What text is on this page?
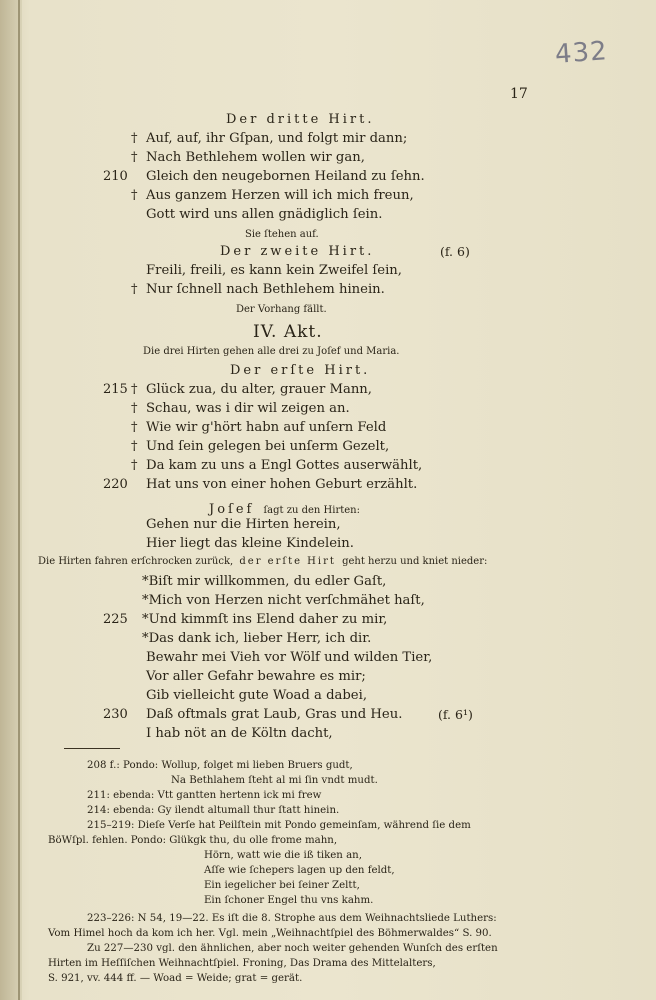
432
17
Der dritte Hirt.
† Auf, auf, ihr Gſpan, und folgt mir dann;
† Nach Bethlehem wollen wir gan,
210 Gleich den neugebornen Heiland zu ſehn.
† Aus ganzem Herzen will ich mich freun,
Gott wird uns allen gnädiglich ſein.
Sie ſtehen auf.
Der zweite Hirt.	(f. 6)
Freili, freili, es kann kein Zweifel ſein,
† Nur ſchnell nach Bethlehem hinein.
Der Vorhang fällt.
IV. Akt.
Die drei Hirten gehen alle drei zu Joſef und Maria.
Der erſte Hirt.
215 † Glück zua, du alter, grauer Mann,
† Schau, was i dir wil zeigen an.
† Wie wir g'hört habn auf unſern Feld
† Und ſein gelegen bei unſerm Gezelt,
† Da kam zu uns a Engl Gottes auserwählt,
220 Hat uns von einer hohen Geburt erzählt.
Joſef ſagt zu den Hirten:
Gehen nur die Hirten herein,
Hier liegt das kleine Kindelein.
Die Hirten fahren erſchrocken zurück, der erſte Hirt geht herzu und kniet nieder:
*Biſt mir willkommen, du edler Gaſt,
*Mich von Herzen nicht verſchmähet haſt,
225 *Und kimmſt ins Elend daher zu mir,
*Das dank ich, lieber Herr, ich dir.
Bewahr mei Vieh vor Wölf und wilden Tier,
Vor aller Gefahr bewahre es mir;
Gib vielleicht gute Woad a dabei,
230 Daß oftmals grat Laub, Gras und Heu.	(f. 6¹)
I hab nöt an de Költn dacht,
208 f.: Pondo: Wollup, folget mi lieben Bruers gudt,
Na Bethlahem ſteht al mi ſin vndt mudt.
211: ebenda: Vtt gantten hertenn ick mi frew
214: ebenda: Gy ilendt altumall thur ſtatt hinein.
215–219: Dieſe Verſe hat Peilſtein mit Pondo gemeinſam, während ſie dem
BöWſpl. fehlen. Pondo: Glükgk thu, du olle frome mahn,
Hörn, watt wie die iß tiken an,
Aſſe wie ſchepers lagen up den feldt,
Ein iegelicher bei ſeiner Zeltt,
Ein ſchoner Engel thu vns kahm.
223–226: N 54, 19—22. Es iſt die 8. Strophe aus dem Weihnachtsliede Luthers:
Vom Himel hoch da kom ich her. Vgl. mein „Weihnachtſpiel des Böhmerwaldes“ S. 90.
Zu 227—230 vgl. den ähnlichen, aber noch weiter gehenden Wunſch des erſten
Hirten im Heſſiſchen Weihnachtſpiel. Froning, Das Drama des Mittelalters,
S. 921, vv. 444 ff. — Woad = Weide; grat = gerät.
